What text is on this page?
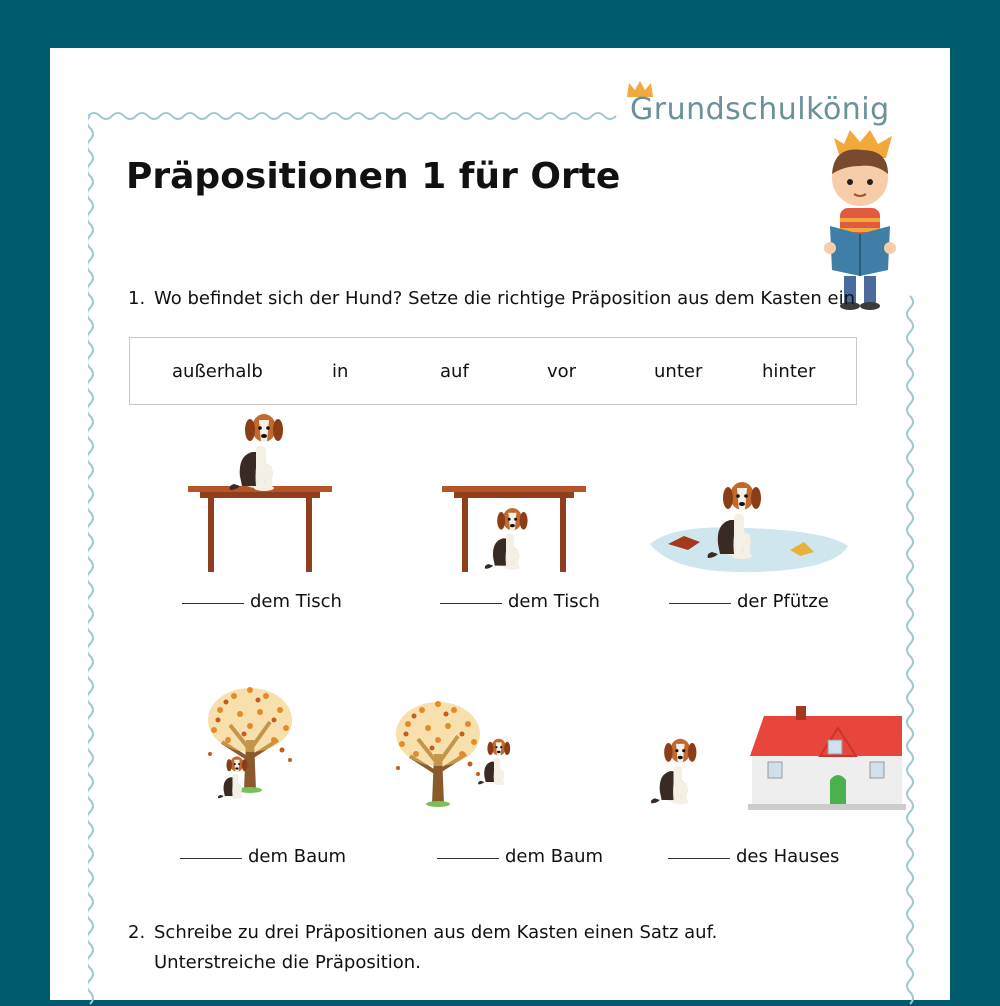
Grundschulkönig
Präpositionen 1 für Orte
1. Wo befindet sich der Hund? Setze die richtige Präposition aus dem Kasten ein
außerhalb	in	auf	vor	unter	hinter
dem Tisch	dem Tisch	der Pfütze
dem Baum	dem Baum	des Hauses
2. Schreibe zu drei Präpositionen aus dem Kasten einen Satz auf.
Unterstreiche die Präposition.
